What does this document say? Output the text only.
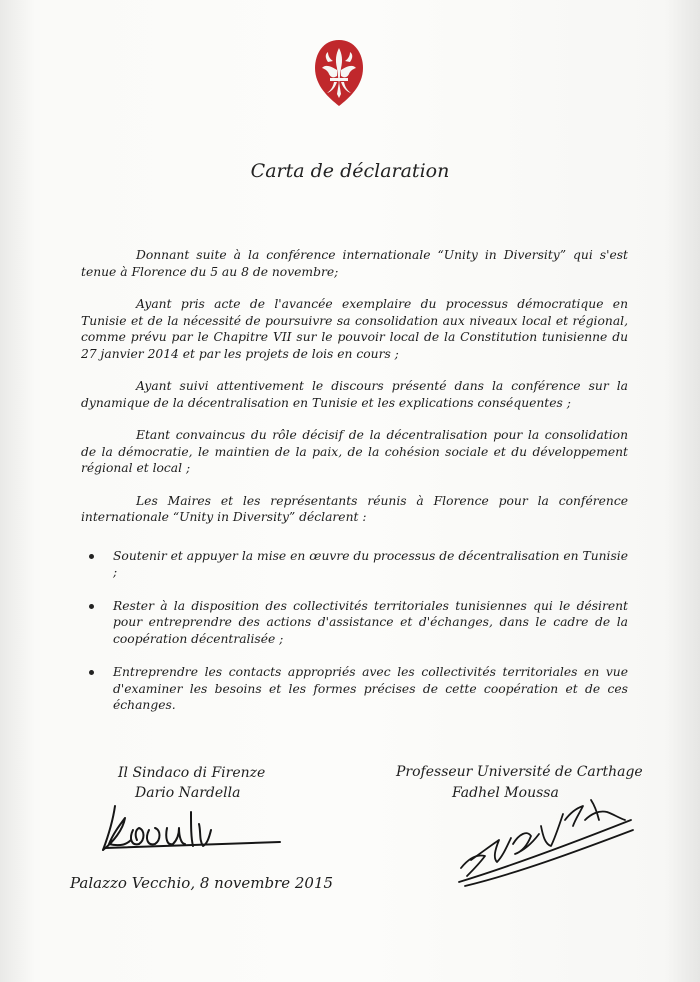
Carta de déclaration

Donnant suite à la conférence internationale “Unity in Diversity” qui s'est tenue à Florence du 5 au 8 de novembre;

Ayant pris acte de l'avancée exemplaire du processus démocratique en Tunisie et de la nécessité de poursuivre sa consolidation aux niveaux local et régional, comme prévu par le Chapitre VII sur le pouvoir local de la Constitution tunisienne du 27 janvier 2014 et par les projets de lois en cours ;

Ayant suivi attentivement le discours présenté dans la conférence sur la dynamique de la décentralisation en Tunisie et les explications conséquentes ;

Etant convaincus du rôle décisif de la décentralisation pour la consolidation de la démocratie, le maintien de la paix, de la cohésion sociale et du développement régional et local ;

Les Maires et les représentants réunis à Florence pour la conférence internationale “Unity in Diversity” déclarent :

Soutenir et appuyer la mise en œuvre du processus de décentralisation en Tunisie ;
Rester à la disposition des collectivités territoriales tunisiennes qui le désirent pour entreprendre des actions d'assistance et d'échanges, dans le cadre de la coopération décentralisée ;
Entreprendre les contacts appropriés avec les collectivités territoriales en vue d'examiner les besoins et les formes précises de cette coopération et de ces échanges.
Il Sindaco di Firenze
Dario Nardella
Professeur Université de Carthage
Fadhel Moussa
Palazzo Vecchio, 8 novembre 2015
